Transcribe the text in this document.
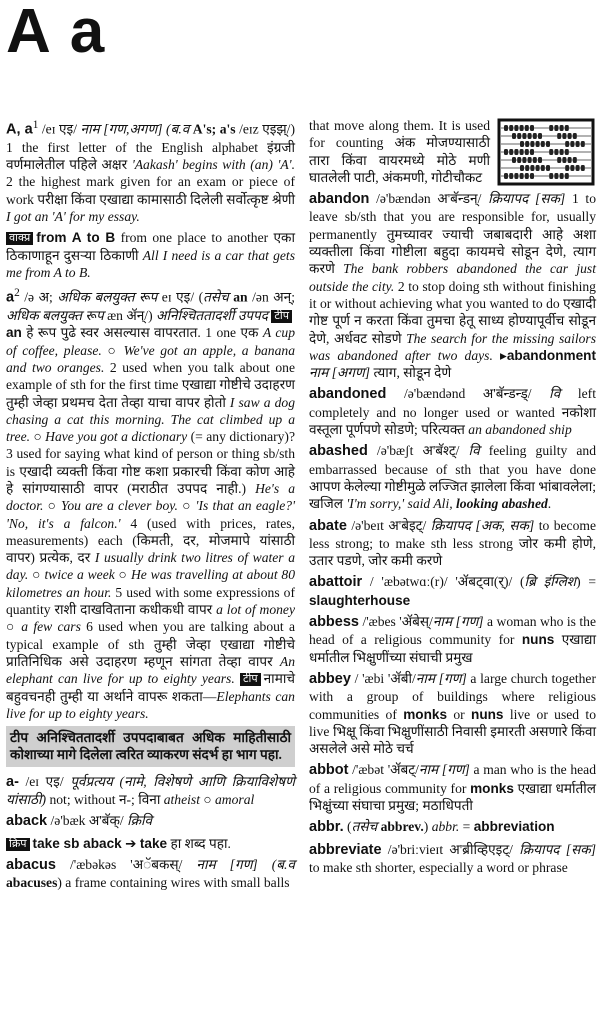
A a

A, $a^1$ /eɪ एइ/ नाम [गण,अगण] (ब.व A's; a's /eɪz एइझ्/) 1 the first letter of the English alphabet इंग्रजी वर्णमालेतील पहिले अक्षर 'Aakash' begins with (an) 'A'. 2 the highest mark given for an exam or piece of work परीक्षा किंवा एखाद्या कामासाठी दिलेली सर्वोत्कृष्ट श्रेणी I got an 'A' for my essay.

वाक्प्र from A to B from one place to another एका ठिकाणाहून दुसऱ्या ठिकाणी All I need is a car that gets me from A to B.

$a^2$ /ə अ; अधिक बलयुक्त रूप eɪ एइ/ (तसेच an /ən अन्; अधिक बलयुक्त रूप æn ॲन्/) अनिश्चिततादर्शी उपपद टीपan हे रूप पुढे स्वर असल्यास वापरतात. 1 one एक A cup of coffee, please. ○ We've got an apple, a banana and two oranges. 2 used when you talk about one example of sth for the first time एखाद्या गोष्टीचे उदाहरण तुम्ही जेव्हा प्रथमच देता तेव्हा याचा वापर होतो I saw a dog chasing a cat this morning. The cat climbed up a tree. ○ Have you got a dictionary (= any dictionary)? 3 used for saying what kind of person or thing sb/sth is एखादी व्यक्ती किंवा गोष्ट कशा प्रकारची किंवा कोण आहे हे सांगण्यासाठी वापर (मराठीत उपपद नाही.) He's a doctor. ○ You are a clever boy. ○ 'Is that an eagle?' 'No, it's a falcon.' 4 (used with prices, rates, measurements) each (किमती, दर, मोजमापे यांसाठी वापर) प्रत्येक, दर I usually drink two litres of water a day. ○ twice a week ○ He was travelling at about 80 kilometres an hour. 5 used with some expressions of quantity राशी दाखविताना कधीकधी वापर a lot of money ○ a few cars 6 used when you are talking about a typical example of sth तुम्ही जेव्हा एखाद्या गोष्टीचे प्रातिनिधिक असे उदाहरण म्हणून सांगता तेव्हा वापर An elephant can live for up to eighty years. टीप नामाचे बहुवचनही तुम्ही या अर्थाने वापरू शकता—Elephants can live for up to eighty years.

टीप अनिश्चिततादर्शी उपपदाबाबत अधिक माहितीसाठी कोशाच्या मागे दिलेला त्वरित व्याकरण संदर्भ हा भाग पहा.

a- /eɪ एइ/ पूर्वप्रत्यय (नामे, विशेषणे आणि क्रियाविशेषणे यांसाठी) not; without न-; विना atheist ○ amoral

aback /ə'bæk अ'बॅक्/ क्रिवि

क्रिप take sb aback ➔ take हा शब्द पहा.

abacus /'æbəkəs 'अॅबकस्/ नाम [गण] (ब.व abacuses) a frame containing wires with small balls

that move along them. It is used for counting अंक मोजण्यासाठी तारा किंवा वायरमध्ये मोठे मणी घातलेली पाटी, अंकमणी, गोटीचौकट

abandon /ə'bændən अ'बॅन्डन्/ क्रियापद [सक] 1 to leave sb/sth that you are responsible for, usually permanently तुमच्यावर ज्याची जबाबदारी आहे अशा व्यक्तीला किंवा गोष्टीला बहुदा कायमचे सोडून देणे, त्याग करणे The bank robbers abandoned the car just outside the city. 2 to stop doing sth without finishing it or without achieving what you wanted to do एखादी गोष्ट पूर्ण न करता किंवा तुमचा हेतू साध्य होण्यापूर्वीच सोडून देणे, अर्धवट सोडणे The search for the missing sailors was abandoned after two days. ▸abandonment नाम [अगण] त्याग, सोडून देणे

abandoned /ə'bændənd अ'बॅन्डन्ड्/ वि left completely and no longer used or wanted नकोशा वस्तूला पूर्णपणे सोडणे; परित्यक्त an abandoned ship

abashed /ə'bæʃt अ'बॅश्ट्/ वि feeling guilty and embarrassed because of sth that you have done आपण केलेल्या गोष्टीमुळे लज्जित झालेला किंवा भांबावलेला; खजिल 'I'm sorry,' said Ali, looking abashed.

abate /ə'beɪt अ'बेइट्/ क्रियापद [अक, सक] to become less strong; to make sth less strong जोर कमी होणे, उतार पडणे, जोर कमी करणे

abattoir / 'æbətwɑː(r)/ 'ॲबट्वा(र्)/ (ब्रि इंग्लिश) = slaughterhouse

abbess /'æbes 'ॲबेस्/नाम [गण] a woman who is the head of a religious community for nuns एखाद्या धर्मातील भिक्षुणींच्या संघाची प्रमुख

abbey / 'æbi 'ॲबी/नाम [गण] a large church together with a group of buildings where religious communities of monks or nuns live or used to live भिक्षू किंवा भिक्षुणींसाठी निवासी इमारती असणारे किंवा असलेले असे मोठे चर्च

abbot /'æbət 'ॲबट्/नाम [गण] a man who is the head of a religious community for monks एखाद्या धर्मातील भिक्षुंच्या संघाचा प्रमुख; मठाधिपती

abbr. (तसेच abbrev.) abbr. = abbreviation

abbreviate /ə'briːvieɪt अ'ब्रीव्हिएइट्/ क्रियापद [सक] to make sth shorter, especially a word or phrase
